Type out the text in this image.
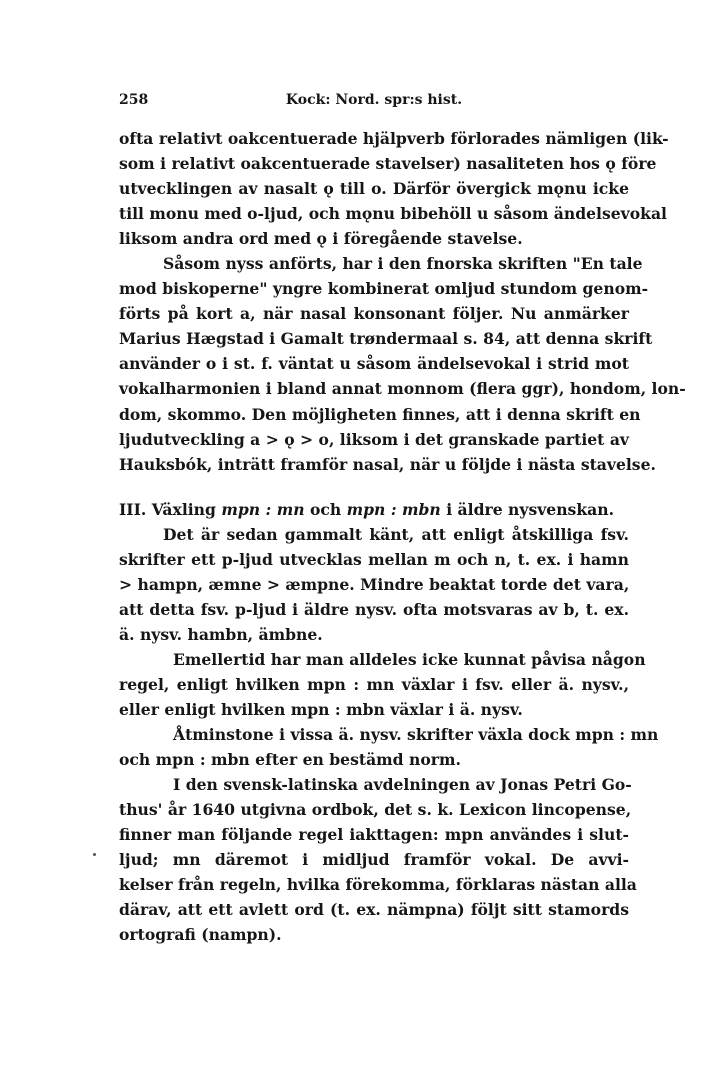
258	Kock: Nord. spr:s hist.
ofta relativt oakcentuerade hjälpverb förlorades nämligen (lik-
som i relativt oakcentuerade stavelser) nasaliteten hos ǫ före
utvecklingen av nasalt ǫ till o. Därför övergick mǫnu icke
till monu med o-ljud, och mǫnu bibehöll u såsom ändelsevokal
liksom andra ord med ǫ i föregående stavelse.
Såsom nyss anförts, har i den fnorska skriften "En tale
mod biskoperne" yngre kombinerat omljud stundom genom-
förts på kort a, när nasal konsonant följer. Nu anmärker
Marius Hægstad i Gamalt trøndermaal s. 84, att denna skrift
använder o i st. f. väntat u såsom ändelsevokal i strid mot
vokalharmonien i bland annat monnom (flera ggr), hondom, lon-
dom, skommo. Den möjligheten finnes, att i denna skrift en
ljudutveckling a > ǫ > o, liksom i det granskade partiet av
Hauksbók, inträtt framför nasal, när u följde i nästa stavelse.
III. Växling mpn : mn och mpn : mbn i äldre nysvenskan.
Det är sedan gammalt känt, att enligt åtskilliga fsv.
skrifter ett p-ljud utvecklas mellan m och n, t. ex. i hamn
> hampn, æmne > æmpne. Mindre beaktat torde det vara,
att detta fsv. p-ljud i äldre nysv. ofta motsvaras av b, t. ex.
ä. nysv. hambn, ämbne.
Emellertid har man alldeles icke kunnat påvisa någon
regel, enligt hvilken mpn : mn växlar i fsv. eller ä. nysv.,
eller enligt hvilken mpn : mbn växlar i ä. nysv.
Åtminstone i vissa ä. nysv. skrifter växla dock mpn : mn
och mpn : mbn efter en bestämd norm.
I den svensk-latinska avdelningen av Jonas Petri Go-
thus' år 1640 utgivna ordbok, det s. k. Lexicon lincopense,
finner man följande regel iakttagen: mpn användes i slut-
ljud; mn däremot i midljud framför vokal. De avvi-
kelser från regeln, hvilka förekomma, förklaras nästan alla
därav, att ett avlett ord (t. ex. nämpna) följt sitt stamords
ortografi (nampn).
